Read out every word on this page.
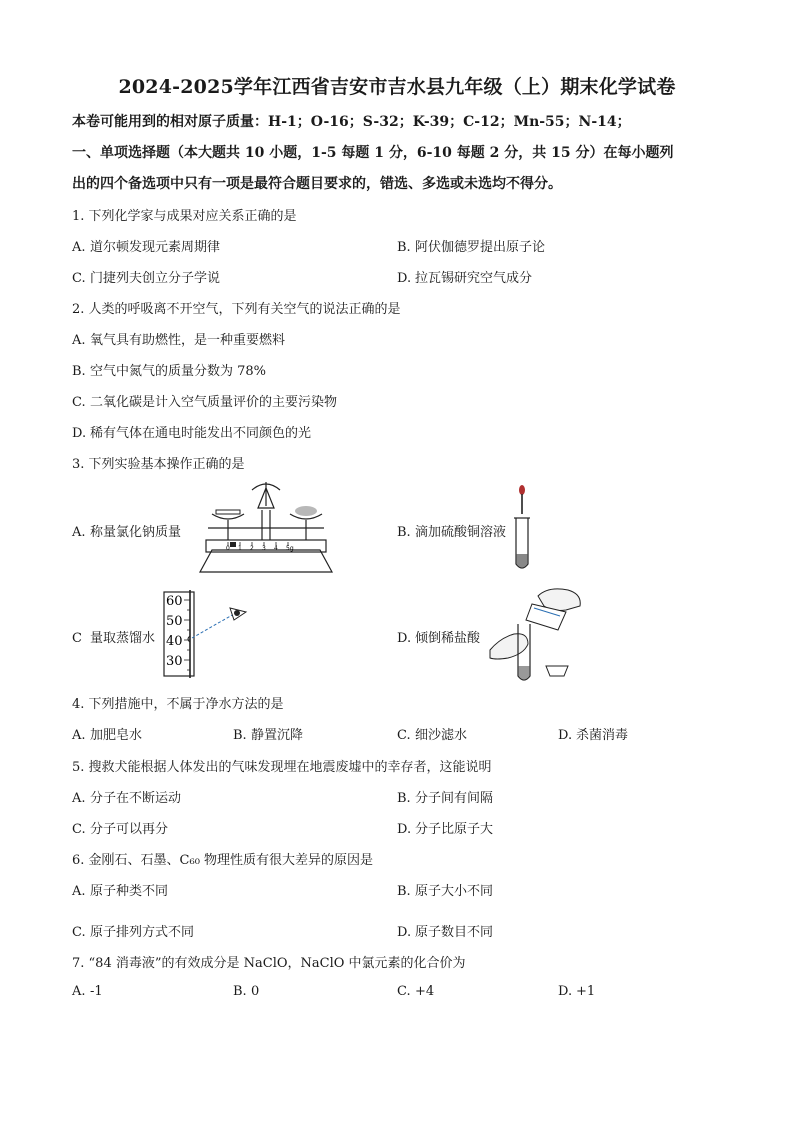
2024-2025学年江西省吉安市吉水县九年级（上）期末化学试卷
本卷可能用到的相对原子质量：H-1；O-16；S-32；K-39；C-12；Mn-55；N-14；
一、单项选择题（本大题共 10 小题，1-5 每题 1 分，6-10 每题 2 分，共 15 分）在每小题列
出的四个备选项中只有一项是最符合题目要求的，错选、多选或未选均不得分。
1. 下列化学家与成果对应关系正确的是
A. 道尔顿发现元素周期律	B. 阿伏伽德罗提出原子论
C. 门捷列夫创立分子学说	D. 拉瓦锡研究空气成分
2. 人类的呼吸离不开空气，下列有关空气的说法正确的是
A. 氧气具有助燃性，是一种重要燃料
B. 空气中氮气的质量分数为 78%
C. 二氧化碳是计入空气质量评价的主要污染物
D. 稀有气体在通电时能发出不同颜色的光
3. 下列实验基本操作正确的是
A. 称量氯化钠质量
0 1 2 3 4 5g
B. 滴加硫酸铜溶液
C 量取蒸馏水
60
50
40
30
D. 倾倒稀盐酸
4. 下列措施中，不属于净水方法的是
A. 加肥皂水	B. 静置沉降	C. 细沙滤水	D. 杀菌消毒
5. 搜救犬能根据人体发出的气味发现埋在地震废墟中的幸存者，这能说明
A. 分子在不断运动	B. 分子间有间隔
C. 分子可以再分	D. 分子比原子大
6. 金刚石、石墨、C₆₀ 物理性质有很大差异的原因是
A. 原子种类不同	B. 原子大小不同
C. 原子排列方式不同	D. 原子数目不同
7. “84 消毒液”的有效成分是 NaClO，NaClO 中氯元素的化合价为
A. -1	B. 0	C. +4	D. +1
